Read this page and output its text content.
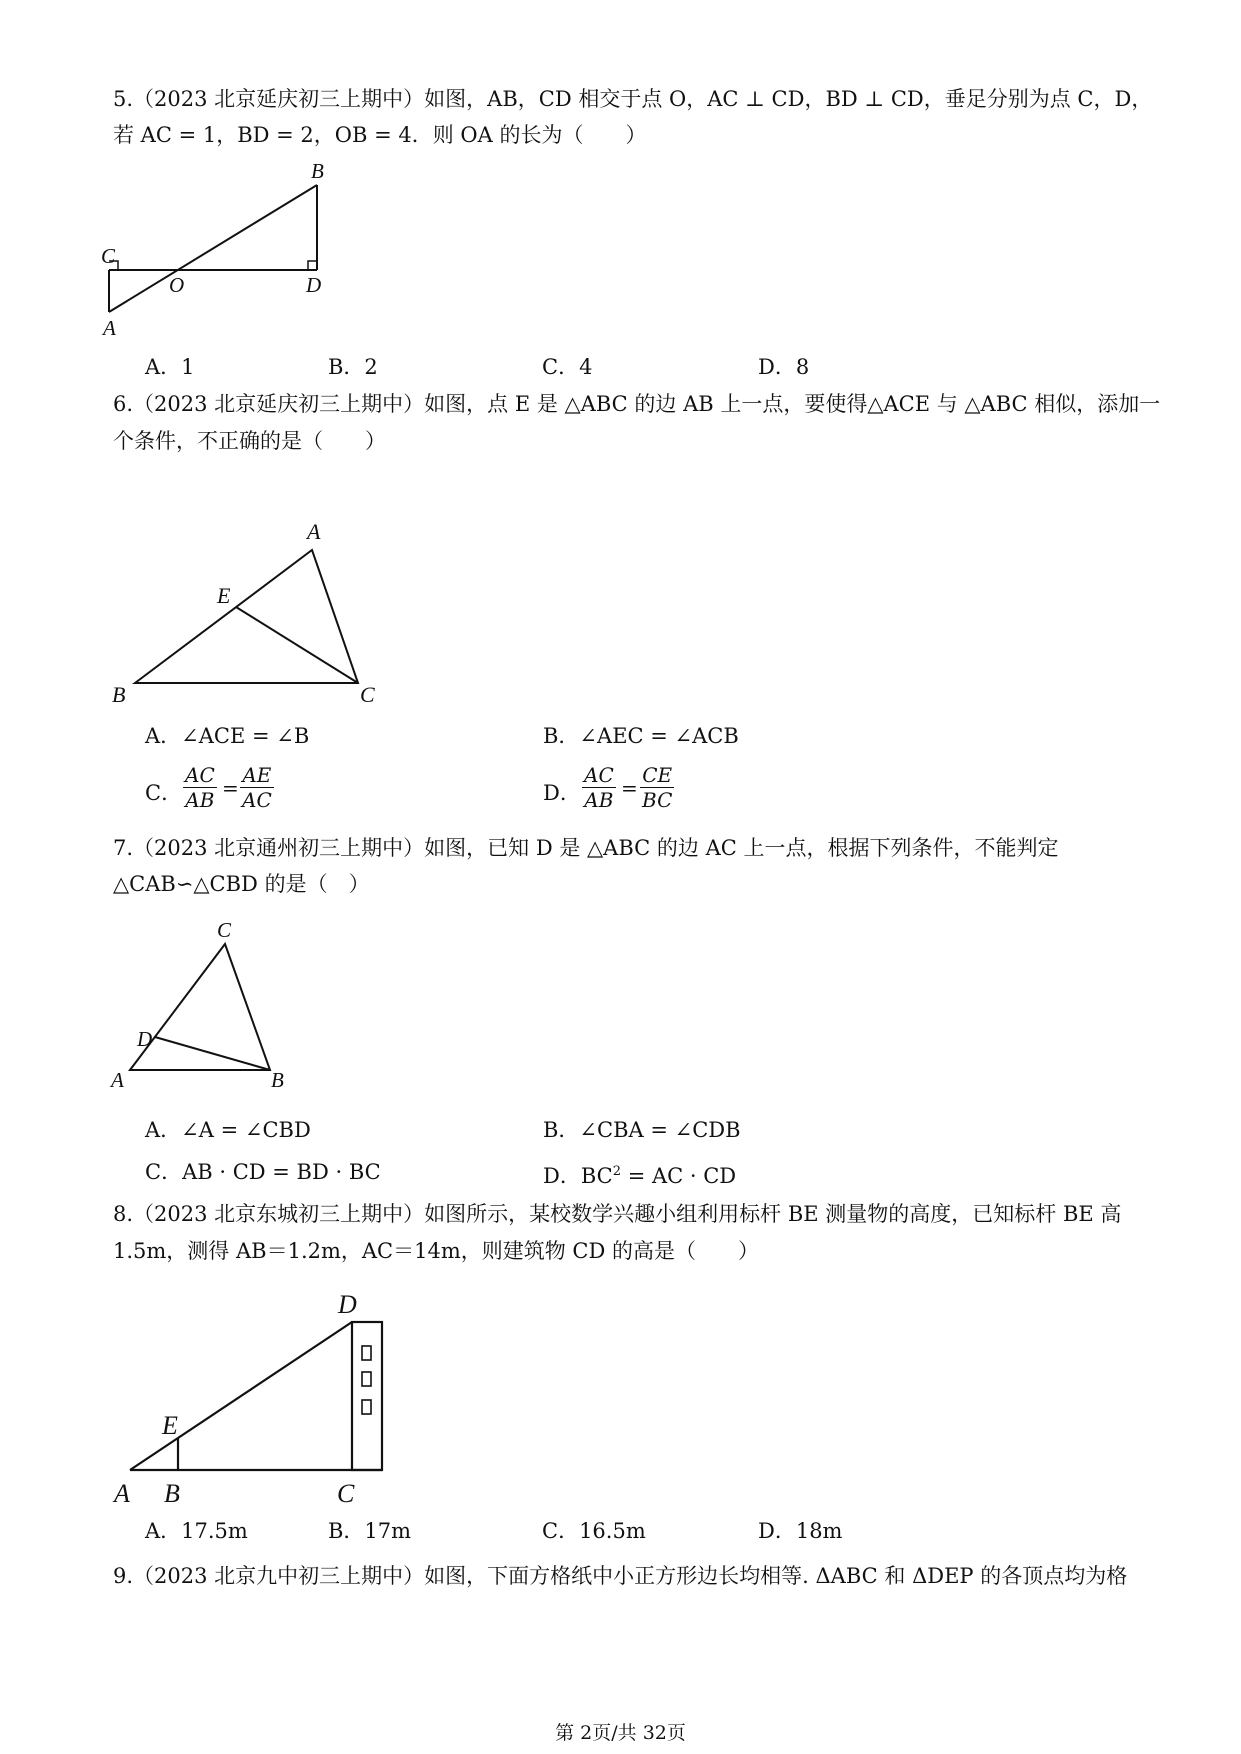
5.（2023 北京延庆初三上期中）如图，AB，CD 相交于点 O，AC ⊥ CD，BD ⊥ CD，垂足分别为点 C，D，
若 AC = 1，BD = 2，OB = 4．则 OA 的长为（　　）
B
C
O	D
A
A．1	B．2	C．4	D．8
6.（2023 北京延庆初三上期中）如图，点 E 是 △ABC 的边 AB 上一点，要使得△ACE 与 △ABC 相似，添加一
个条件，不正确的是（　　）
A
E
B	C
A．∠ACE = ∠B	B．∠AEC = ∠ACB
C． $\frac{AC}{AB} = \frac{AE}{AC}$	D． $\frac{AC}{AB} = \frac{CE}{BC}$
7.（2023 北京通州初三上期中）如图，已知 D 是 △ABC 的边 AC 上一点，根据下列条件，不能判定
△CAB∽△CBD 的是（　）
C
D
A	B
A．∠A = ∠CBD	B．∠CBA = ∠CDB
C．AB · CD = BD · BC	D．$BC^2$ = AC · CD
8.（2023 北京东城初三上期中）如图所示，某校数学兴趣小组利用标杆 BE 测量物的高度，已知标杆 BE 高
1.5m，测得 AB＝1.2m，AC＝14m，则建筑物 CD 的高是（　　）
D
E
A B	C
A．17.5m	B．17m	C．16.5m	D．18m
9.（2023 北京九中初三上期中）如图，下面方格纸中小正方形边长均相等. ΔABC 和 ΔDEP 的各顶点均为格
第 2页/共 32页
